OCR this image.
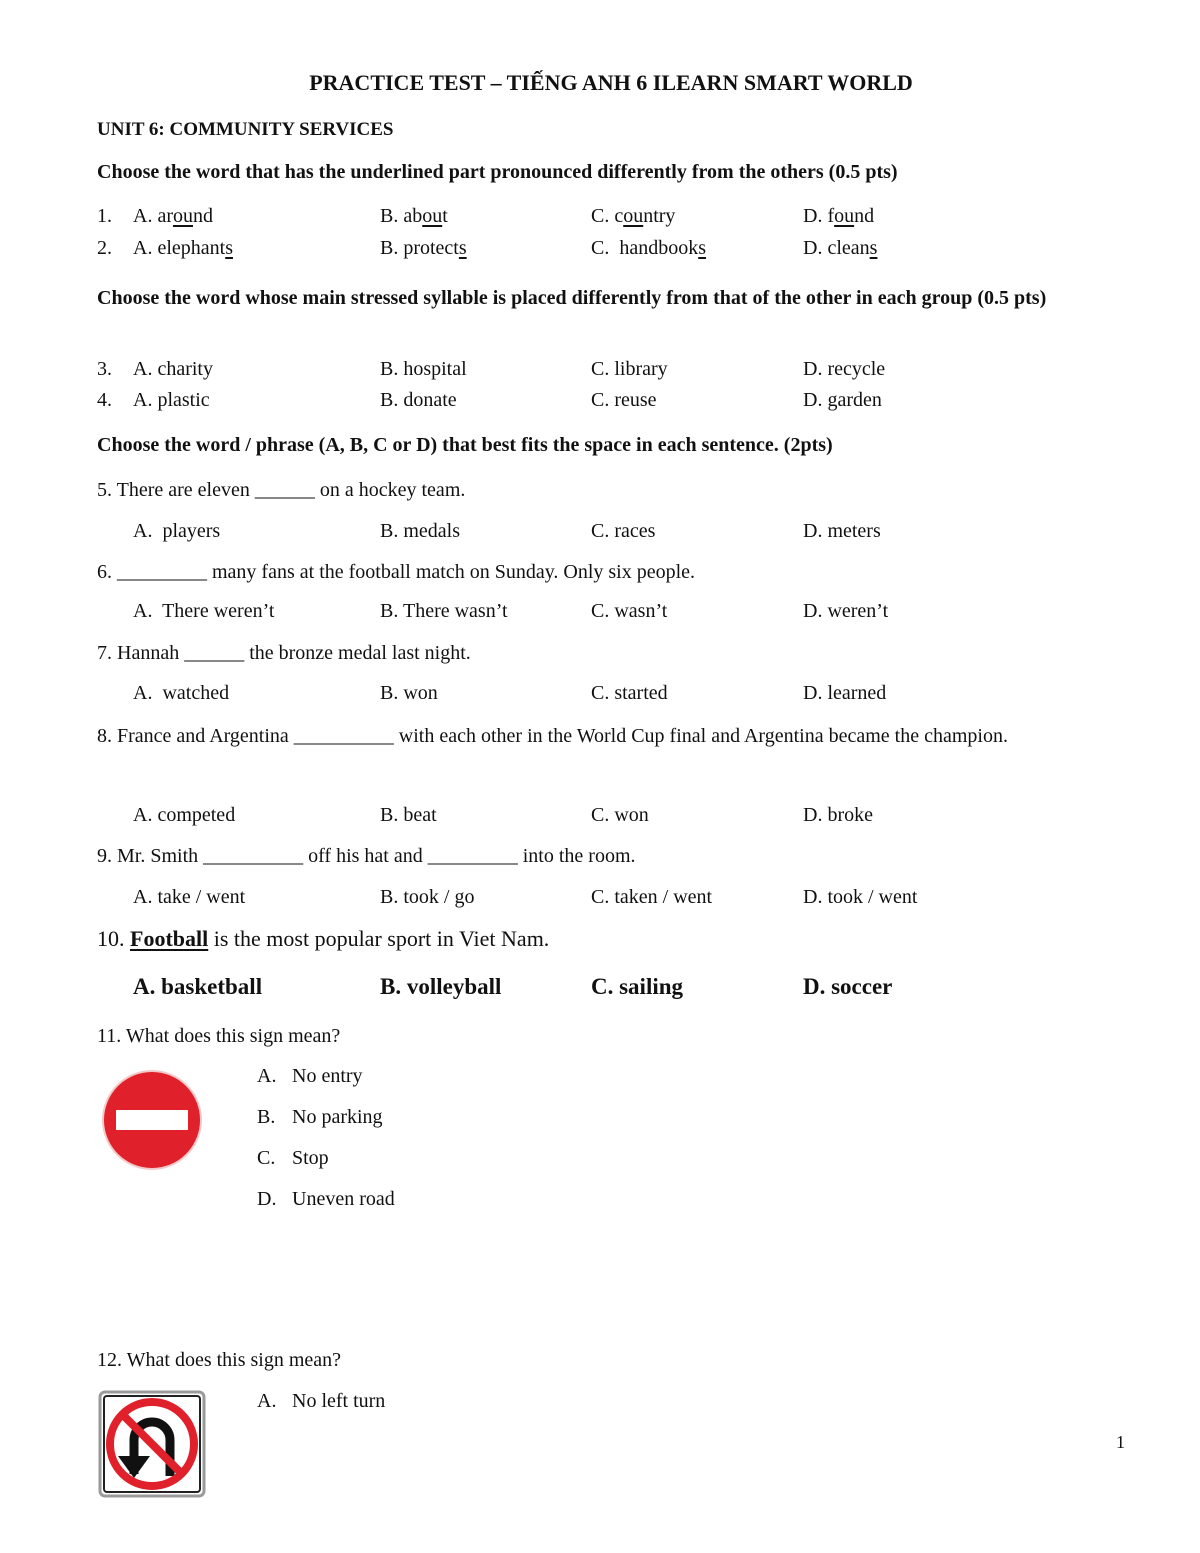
PRACTICE TEST – TIẾNG ANH 6 ILEARN SMART WORLD
UNIT 6: COMMUNITY SERVICES
Choose the word that has the underlined part pronounced differently from the others (0.5 pts)
1. A. around	B. about	C. country	D. found
2. A. elephants	B. protects	C.  handbooks	D. cleans
Choose the word whose main stressed syllable is placed differently from that of the other in each group (0.5 pts)
3. A. charity	B. hospital	C. library	D. recycle
4. A. plastic	B. donate	C. reuse	D. garden
Choose the word / phrase (A, B, C or D) that best fits the space in each sentence. (2pts)
5. There are eleven ______ on a hockey team.
A.  players	B. medals	C. races	D. meters
6. _________ many fans at the football match on Sunday. Only six people.
A.  There weren’t	B. There wasn’t	C. wasn’t	D. weren’t
7. Hannah ______ the bronze medal last night.
A.  watched	B. won	C. started	D. learned
8. France and Argentina __________ with each other in the World Cup final and Argentina became the champion.
A. competed	B. beat	C. won	D. broke
9. Mr. Smith __________ off his hat and _________ into the room.
A. take / went	B. took / go	C. taken / went	D. took / went
10. Football is the most popular sport in Viet Nam.
A. basketball	B. volleyball	C. sailing	D. soccer
11. What does this sign mean?
A. No entry
B. No parking
C. Stop
D. Uneven road
12. What does this sign mean?
A. No left turn
1
